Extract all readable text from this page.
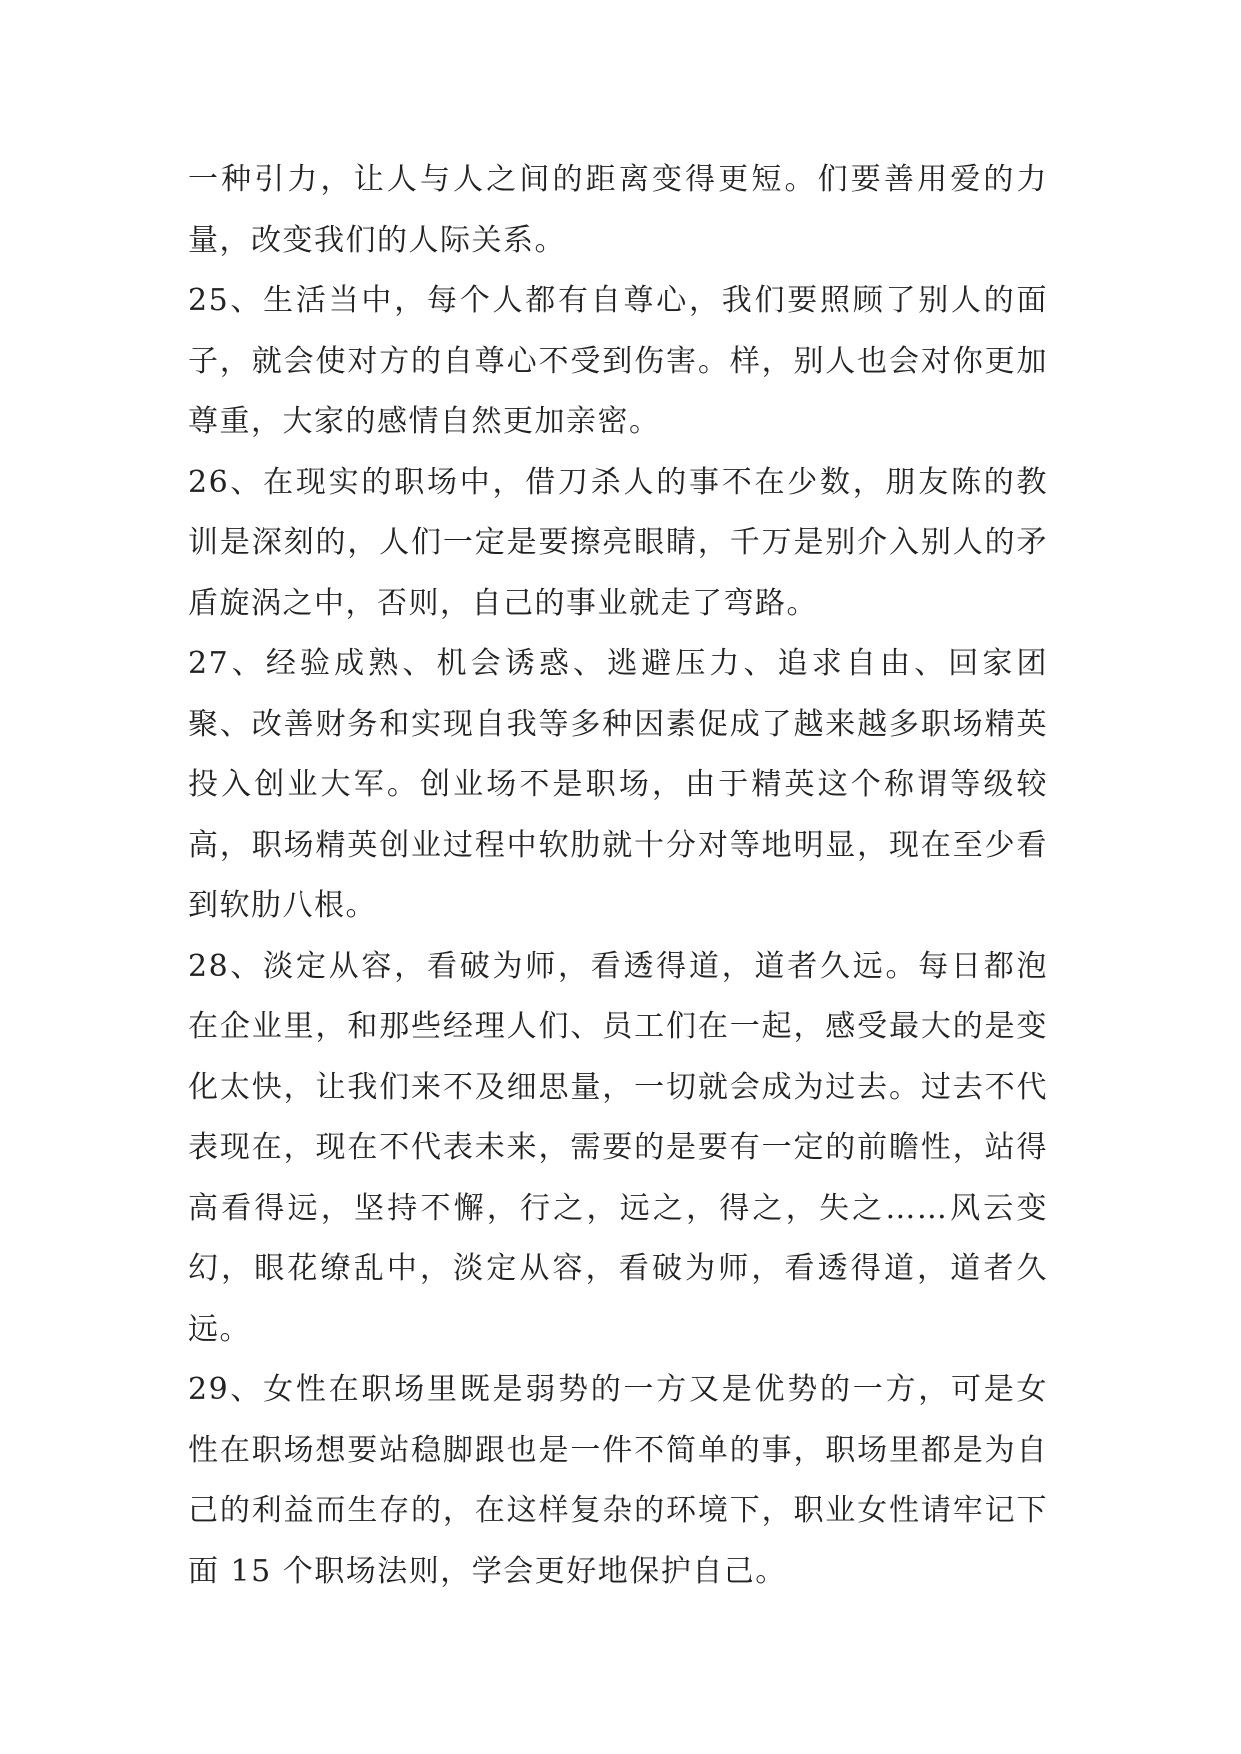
一种引力，让人与人之间的距离变得更短。们要善用爱的力量，改变我们的人际关系。

25、生活当中，每个人都有自尊心，我们要照顾了别人的面子，就会使对方的自尊心不受到伤害。样，别人也会对你更加尊重，大家的感情自然更加亲密。

26、在现实的职场中，借刀杀人的事不在少数，朋友陈的教训是深刻的，人们一定是要擦亮眼睛，千万是别介入别人的矛盾旋涡之中，否则，自己的事业就走了弯路。

27、经验成熟、机会诱惑、逃避压力、追求自由、回家团聚、改善财务和实现自我等多种因素促成了越来越多职场精英投入创业大军。创业场不是职场，由于精英这个称谓等级较高，职场精英创业过程中软肋就十分对等地明显，现在至少看到软肋八根。

28、淡定从容，看破为师，看透得道，道者久远。每日都泡在企业里，和那些经理人们、员工们在一起，感受最大的是变化太快，让我们来不及细思量，一切就会成为过去。过去不代表现在，现在不代表未来，需要的是要有一定的前瞻性，站得高看得远，坚持不懈，行之，远之，得之，失之……风云变幻，眼花缭乱中，淡定从容，看破为师，看透得道，道者久远。

29、女性在职场里既是弱势的一方又是优势的一方，可是女性在职场想要站稳脚跟也是一件不简单的事，职场里都是为自己的利益而生存的，在这样复杂的环境下，职业女性请牢记下面 15 个职场法则，学会更好地保护自己。
